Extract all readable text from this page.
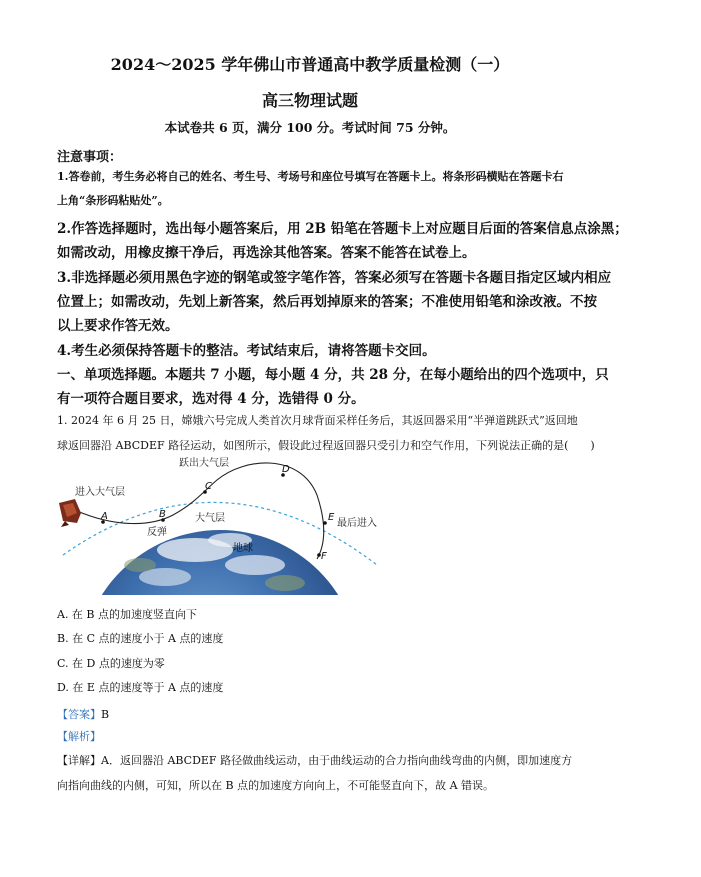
2024～2025 学年佛山市普通高中教学质量检测（一）
高三物理试题
本试卷共 6 页，满分 100 分。考试时间 75 分钟。
注意事项：
1.答卷前，考生务必将自己的姓名、考生号、考场号和座位号填写在答题卡上。将条形码横贴在答题卡右
上角“条形码粘贴处”。
2.作答选择题时，选出每小题答案后，用 2B 铅笔在答题卡上对应题目后面的答案信息点涂黑；
如需改动，用橡皮擦干净后，再选涂其他答案。答案不能答在试卷上。
3.非选择题必须用黑色字迹的钢笔或签字笔作答，答案必须写在答题卡各题目指定区域内相应
位置上；如需改动，先划上新答案，然后再划掉原来的答案；不准使用铅笔和涂改液。不按
以上要求作答无效。
4.考生必须保持答题卡的整洁。考试结束后，请将答题卡交回。
一、单项选择题。本题共 7 小题，每小题 4 分，共 28 分，在每小题给出的四个选项中，只
有一项符合题目要求，选对得 4 分，选错得 0 分。
1. 2024 年 6 月 25 日，嫦娥六号完成人类首次月球背面采样任务后，其返回器采用“半弹道跳跃式”返回地
球返回器沿 ABCDEF 路径运动，如图所示，假设此过程返回器只受引力和空气作用，下列说法正确的是(　　)
进入大气层
跃出大气层
大气层
反弹
地球
最后进入
A	B
C
D
E
F
A. 在 B 点的加速度竖直向下
B. 在 C 点的速度小于 A 点的速度
C. 在 D 点的速度为零
D. 在 E 点的速度等于 A 点的速度
【答案】B
【解析】
【详解】A．返回器沿 ABCDEF 路径做曲线运动，由于曲线运动的合力指向曲线弯曲的内侧，即加速度方
向指向曲线的内侧，可知，所以在 B 点的加速度方向向上，不可能竖直向下，故 A 错误。
